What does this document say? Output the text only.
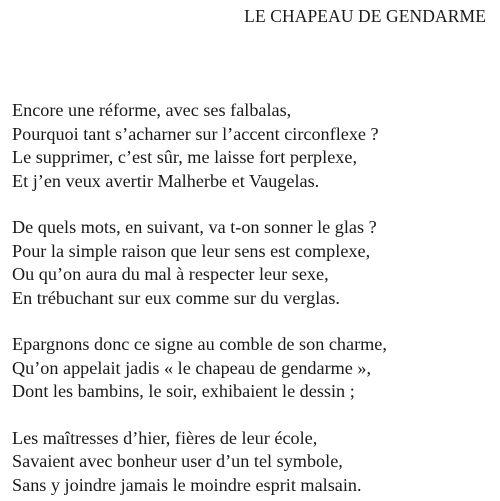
LE CHAPEAU DE GENDARME
Encore une réforme, avec ses falbalas,
Pourquoi tant s’acharner sur l’accent circonflexe ?
Le supprimer, c’est sûr, me laisse fort perplexe,
Et j’en veux avertir Malherbe et Vaugelas.
De quels mots, en suivant, va t-on sonner le glas ?
Pour la simple raison que leur sens est complexe,
Ou qu’on aura du mal à respecter leur sexe,
En trébuchant sur eux comme sur du verglas.
Epargnons donc ce signe au comble de son charme,
Qu’on appelait jadis « le chapeau de gendarme »,
Dont les bambins, le soir, exhibaient le dessin ;
Les maîtresses d’hier, fières de leur école,
Savaient avec bonheur user d’un tel symbole,
Sans y joindre jamais le moindre esprit malsain.
